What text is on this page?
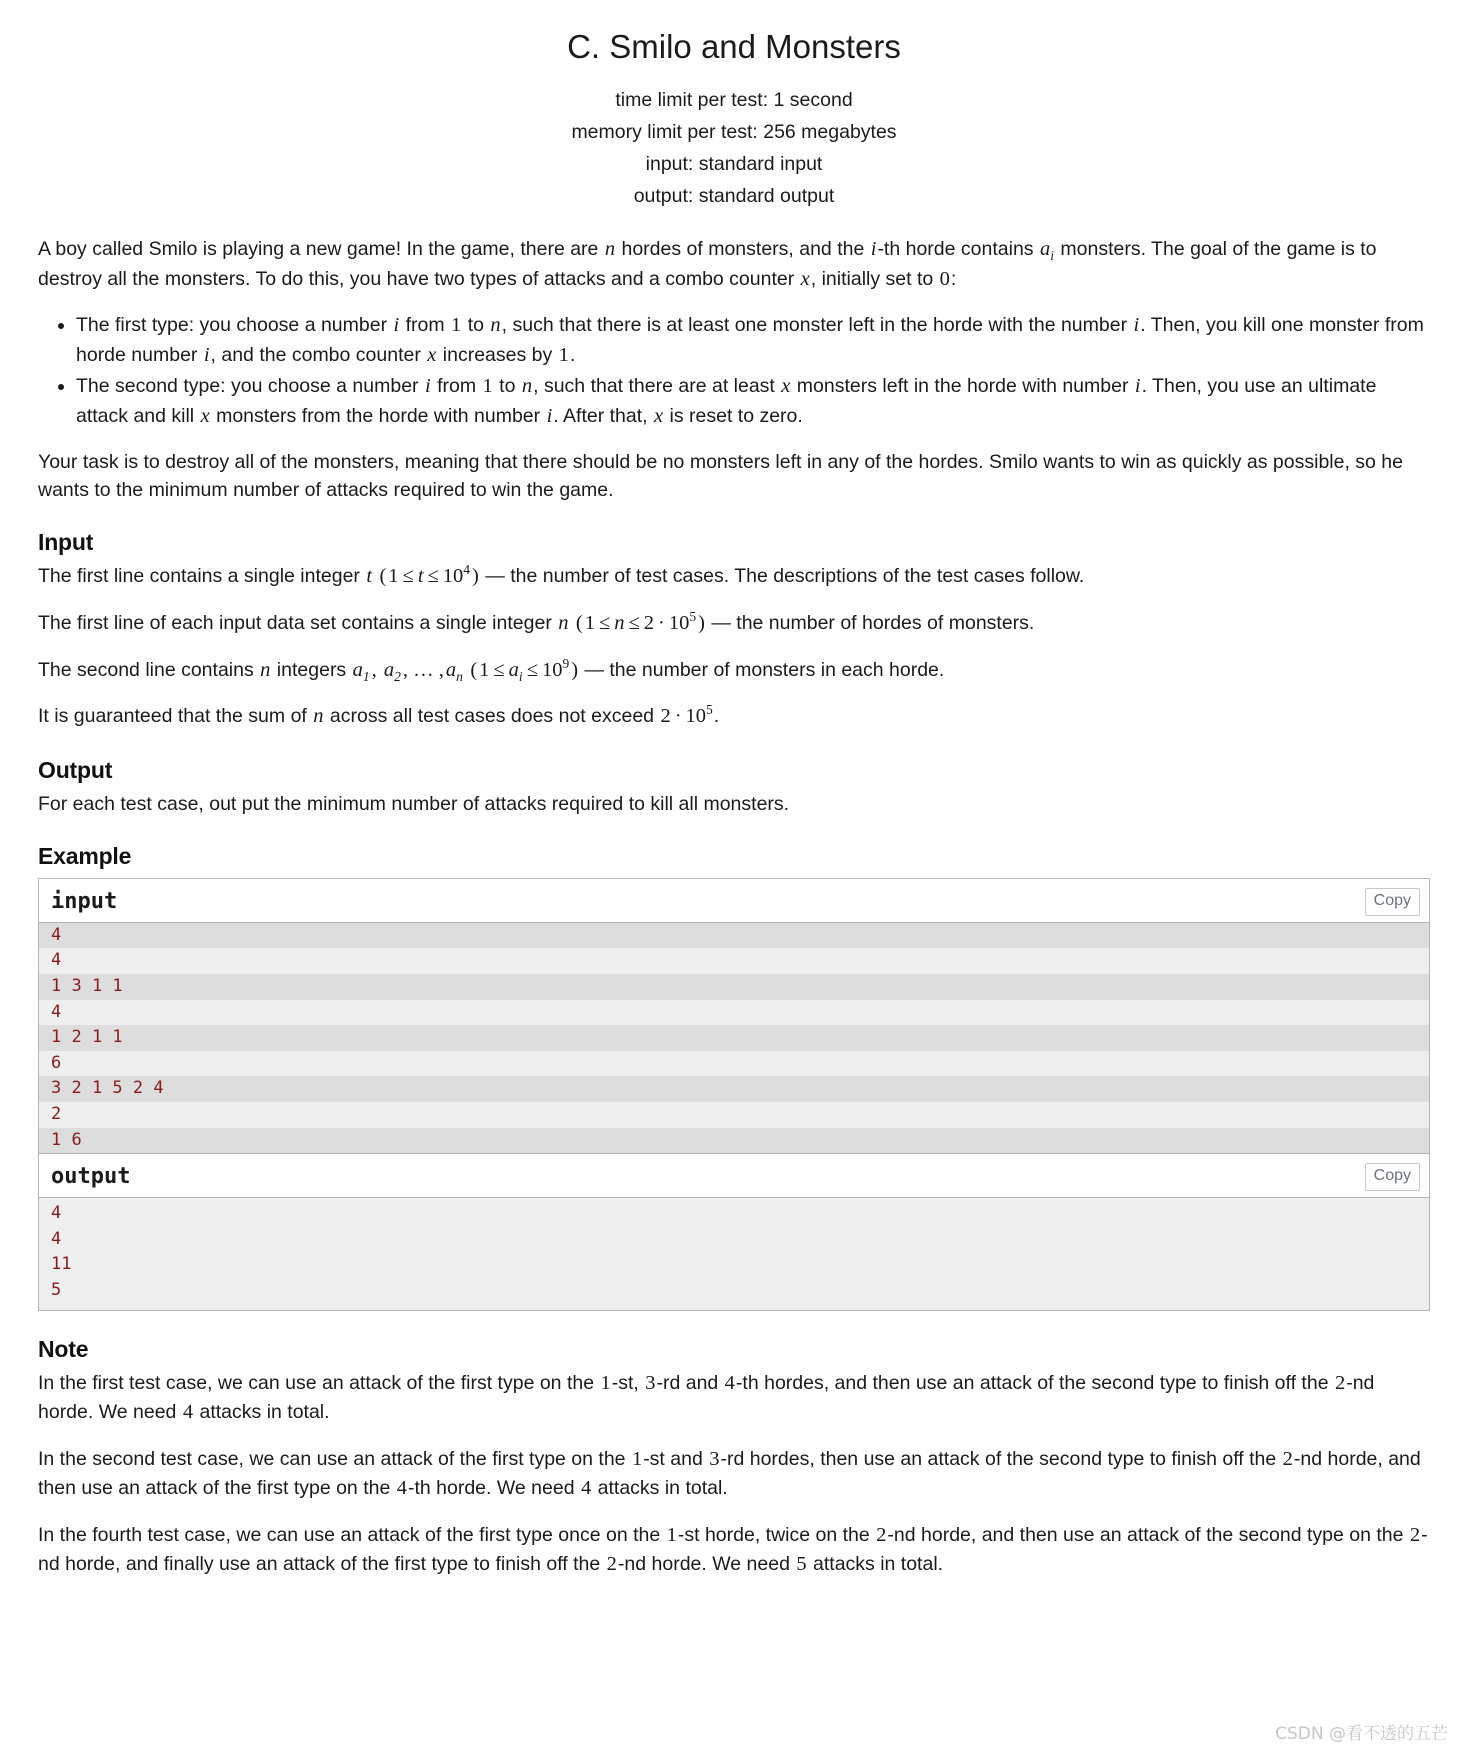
C. Smilo and Monsters
time limit per test: 1 second
memory limit per test: 256 megabytes
input: standard input
output: standard output

A boy called Smilo is playing a new game! In the game, there are n hordes of monsters, and the i-th horde contains $a_i$ monsters. The goal of the game is to destroy all the monsters. To do this, you have two types of attacks and a combo counter x, initially set to 0:

• The first type: you choose a number i from 1 to n, such that there is at least one monster left in the horde with the number i. Then, you kill one monster from horde number i, and the combo counter x increases by 1.
• The second type: you choose a number i from 1 to n, such that there are at least x monsters left in the horde with number i. Then, you use an ultimate attack and kill x monsters from the horde with number i. After that, x is reset to zero.

Your task is to destroy all of the monsters, meaning that there should be no monsters left in any of the hordes. Smilo wants to win as quickly as possible, so he wants to the minimum number of attacks required to win the game.

Input

The first line contains a single integer t $(1 \le t \le 10^4)$ — the number of test cases. The descriptions of the test cases follow.

The first line of each input data set contains a single integer n $(1 \le n \le 2 \cdot 10^5)$ — the number of hordes of monsters.

The second line contains n integers $a_1$, $a_2$, … $,a_n$ $(1 \le a_i \le 10^9)$ — the number of monsters in each horde.

It is guaranteed that the sum of n across all test cases does not exceed $2 \cdot 10^5$.

Output

For each test case, out put the minimum number of attacks required to kill all monsters.

Example
input	Copy
4
4
1 3 1 1
4
1 2 1 1
6
3 2 1 5 2 4
2
1 6
output	Copy
4
4
11
5
Note

In the first test case, we can use an attack of the first type on the 1-st, 3-rd and 4-th hordes, and then use an attack of the second type to finish off the 2-nd horde. We need 4 attacks in total.

In the second test case, we can use an attack of the first type on the 1-st and 3-rd hordes, then use an attack of the second type to finish off the 2-nd horde, and then use an attack of the first type on the 4-th horde. We need 4 attacks in total.

In the fourth test case, we can use an attack of the first type once on the 1-st horde, twice on the 2-nd horde, and then use an attack of the second type on the 2-nd horde, and finally use an attack of the first type to finish off the 2-nd horde. We need 5 attacks in total.

CSDN @看不透的五芒
